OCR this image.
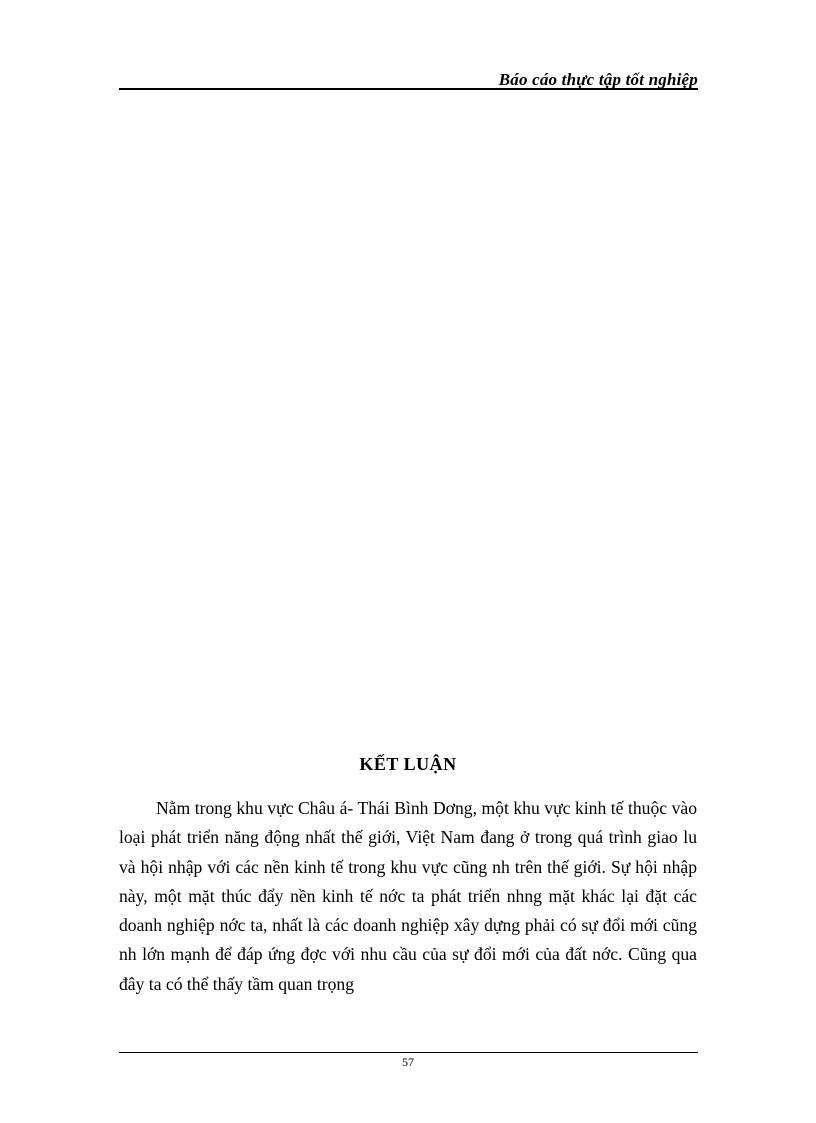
Báo cáo thực tập tốt nghiệp
KẾT LUẬN

Nằm trong khu vực Châu á- Thái Bình Dơng, một khu vực kinh tế thuộc vào loại phát triển năng động nhất thế giới, Việt Nam đang ở trong quá trình giao lu và hội nhập với các nền kinh tế trong khu vực cũng nh trên thế giới. Sự hội nhập này, một mặt thúc đẩy nền kinh tế nớc ta phát triển nhng mặt khác lại đặt các doanh nghiệp nớc ta, nhất là các doanh nghiệp xây dựng phải có sự đổi mới cũng nh lớn mạnh để đáp ứng đợc với nhu cầu của sự đổi mới của đất nớc. Cũng qua đây ta có thể thấy tầm quan trọng

57
